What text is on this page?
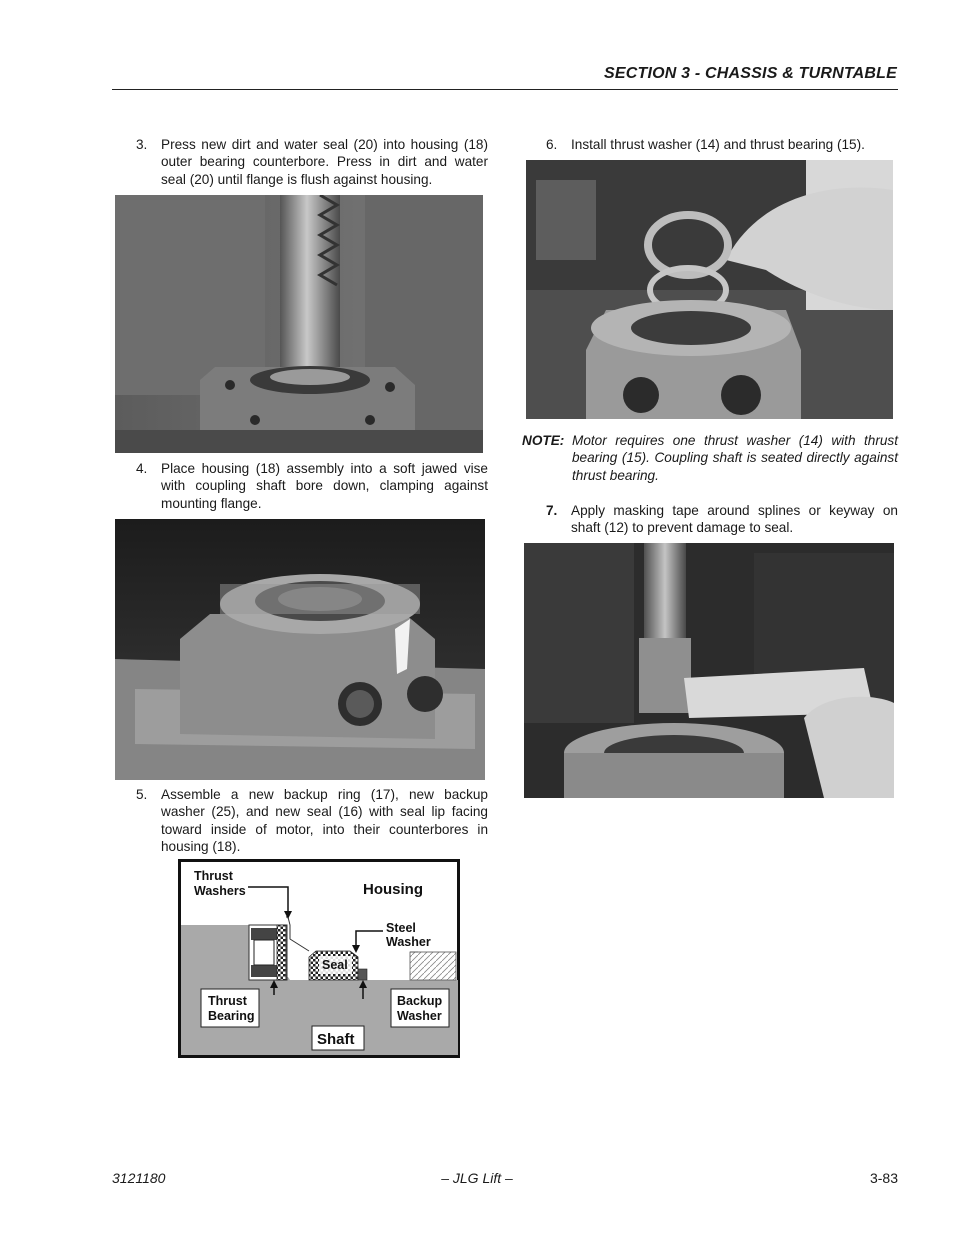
SECTION 3 - CHASSIS & TURNTABLE
3. Press new dirt and water seal (20) into housing (18) outer bearing counterbore. Press in dirt and water seal (20) until flange is flush against housing.
4. Place housing (18) assembly into a soft jawed vise with coupling shaft bore down, clamping against mounting flange.
5. Assemble a new backup ring (17), new backup washer (25), and new seal (16) with seal lip facing toward inside of motor, into their counterbores in housing (18).
Thrust
Washers	Housing
Steel
Washer
Seal
Thrust
Bearing
Backup
Washer
Shaft
6. Install thrust washer (14) and thrust bearing (15).
NOTE: Motor requires one thrust washer (14) with thrust bearing (15). Coupling shaft is seated directly against thrust bearing.
7. Apply masking tape around splines or keyway on shaft (12) to prevent damage to seal.
3121180	– JLG Lift –	3-83
